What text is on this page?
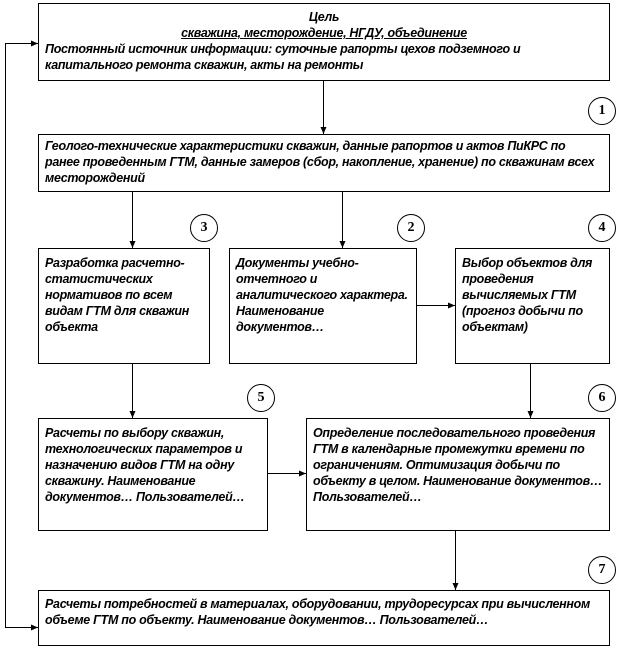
Цель
скважина, месторождение, НГДУ, объединение
Постоянный источник информации: суточные рапорты цехов подземного и капитального ремонта скважин, акты на ремонты
1
Геолого-технические характеристики скважин, данные рапортов и актов ПиКРС по ранее проведенным ГТМ, данные замеров (сбор, накопление, хранение) по скважинам всех месторождений
3
Разработка расчетно-статистических нормативов по всем видам ГТМ для скважин объекта
2
Документы учебно-отчетного и аналитического характера. Наименование документов…
4
Выбор объектов для проведения вычисляемых ГТМ (прогноз добычи по объектам)
5
Расчеты по выбору скважин, технологических параметров и назначению видов ГТМ на одну скважину. Наименование документов… Пользователей…
6
Определение последовательного проведения ГТМ в календарные промежутки времени по ограничениям. Оптимизация добычи по объекту в целом. Наименование документов… Пользователей…
7
Расчеты потребностей в материалах, оборудовании, трудоресурсах при вычисленном объеме ГТМ по объекту. Наименование документов… Пользователей…
